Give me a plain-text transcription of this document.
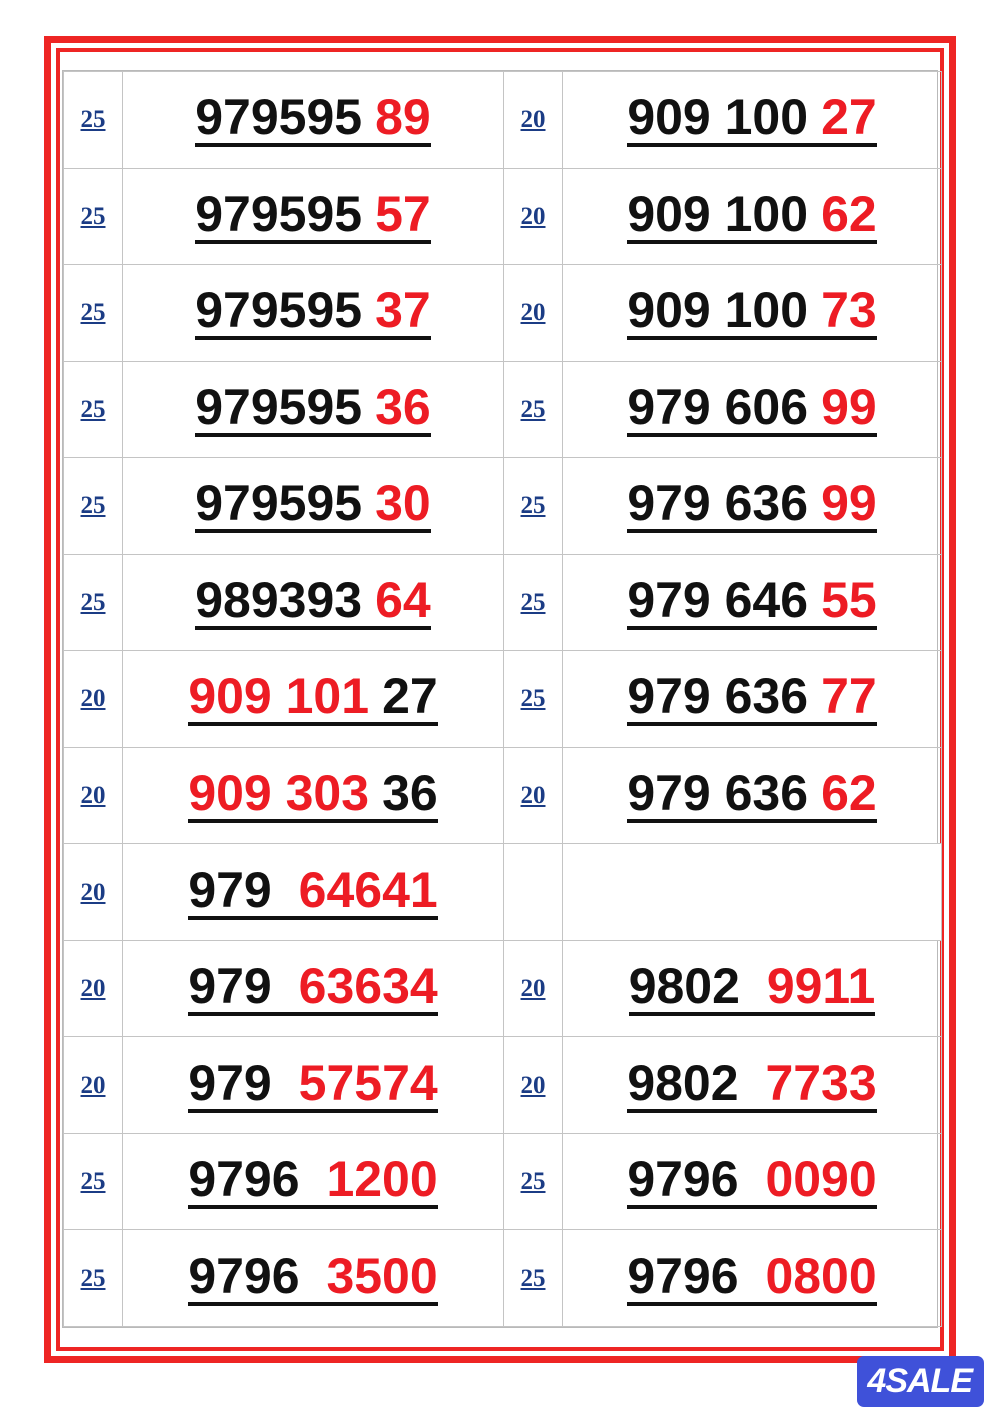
25	979595 89	20	909 100 27
25	979595 57	20	909 100 62
25	979595 37	20	909 100 73
25	979595 36	25	979 606 99
25	979595 30	25	979 636 99
25	989393 64	25	979 646 55
20	909 101 27	25	979 636 77
20	909 303 36	20	979 636 62
20	979 64641		
20	979 63634	20	9802 9911
20	979 57574	20	9802 7733
25	9796 1200	25	9796 0090
25	9796 3500	25	9796 0800
4SALE
